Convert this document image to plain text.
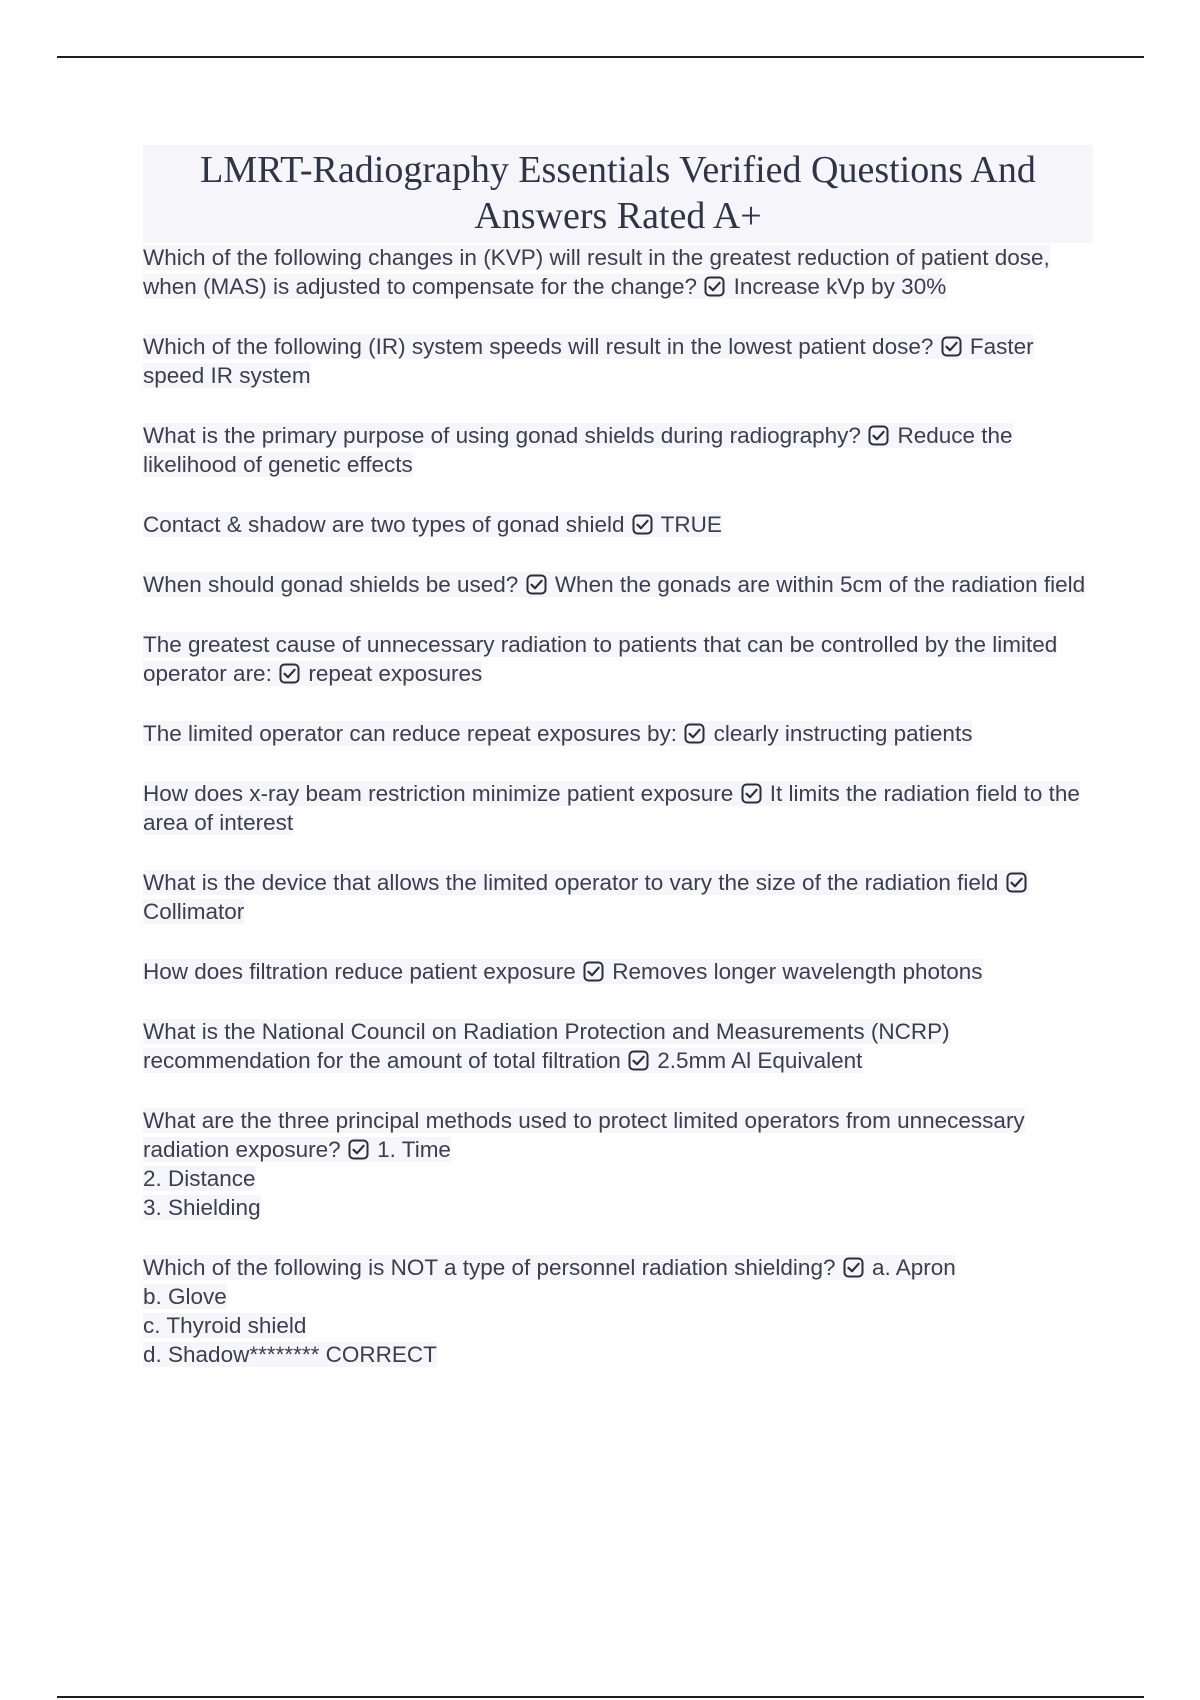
LMRT-Radiography Essentials Verified Questions And
Answers Rated A+
Which of the following changes in (KVP) will result in the greatest reduction of patient dose, when (MAS) is adjusted to compensate for the change? Increase kVp by 30%
Which of the following (IR) system speeds will result in the lowest patient dose? Faster speed IR system
What is the primary purpose of using gonad shields during radiography? Reduce the likelihood of genetic effects
Contact & shadow are two types of gonad shield TRUE
When should gonad shields be used? When the gonads are within 5cm of the radiation field
The greatest cause of unnecessary radiation to patients that can be controlled by the limited operator are: repeat exposures
The limited operator can reduce repeat exposures by: clearly instructing patients
How does x-ray beam restriction minimize patient exposure It limits the radiation field to the area of interest
What is the device that allows the limited operator to vary the size of the radiation field
Collimator
How does filtration reduce patient exposure Removes longer wavelength photons
What is the National Council on Radiation Protection and Measurements (NCRP) recommendation for the amount of total filtration 2.5mm Al Equivalent
What are the three principal methods used to protect limited operators from unnecessary radiation exposure? 1. Time
2. Distance
3. Shielding
Which of the following is NOT a type of personnel radiation shielding? a. Apron
b. Glove
c. Thyroid shield
d. Shadow******** CORRECT
